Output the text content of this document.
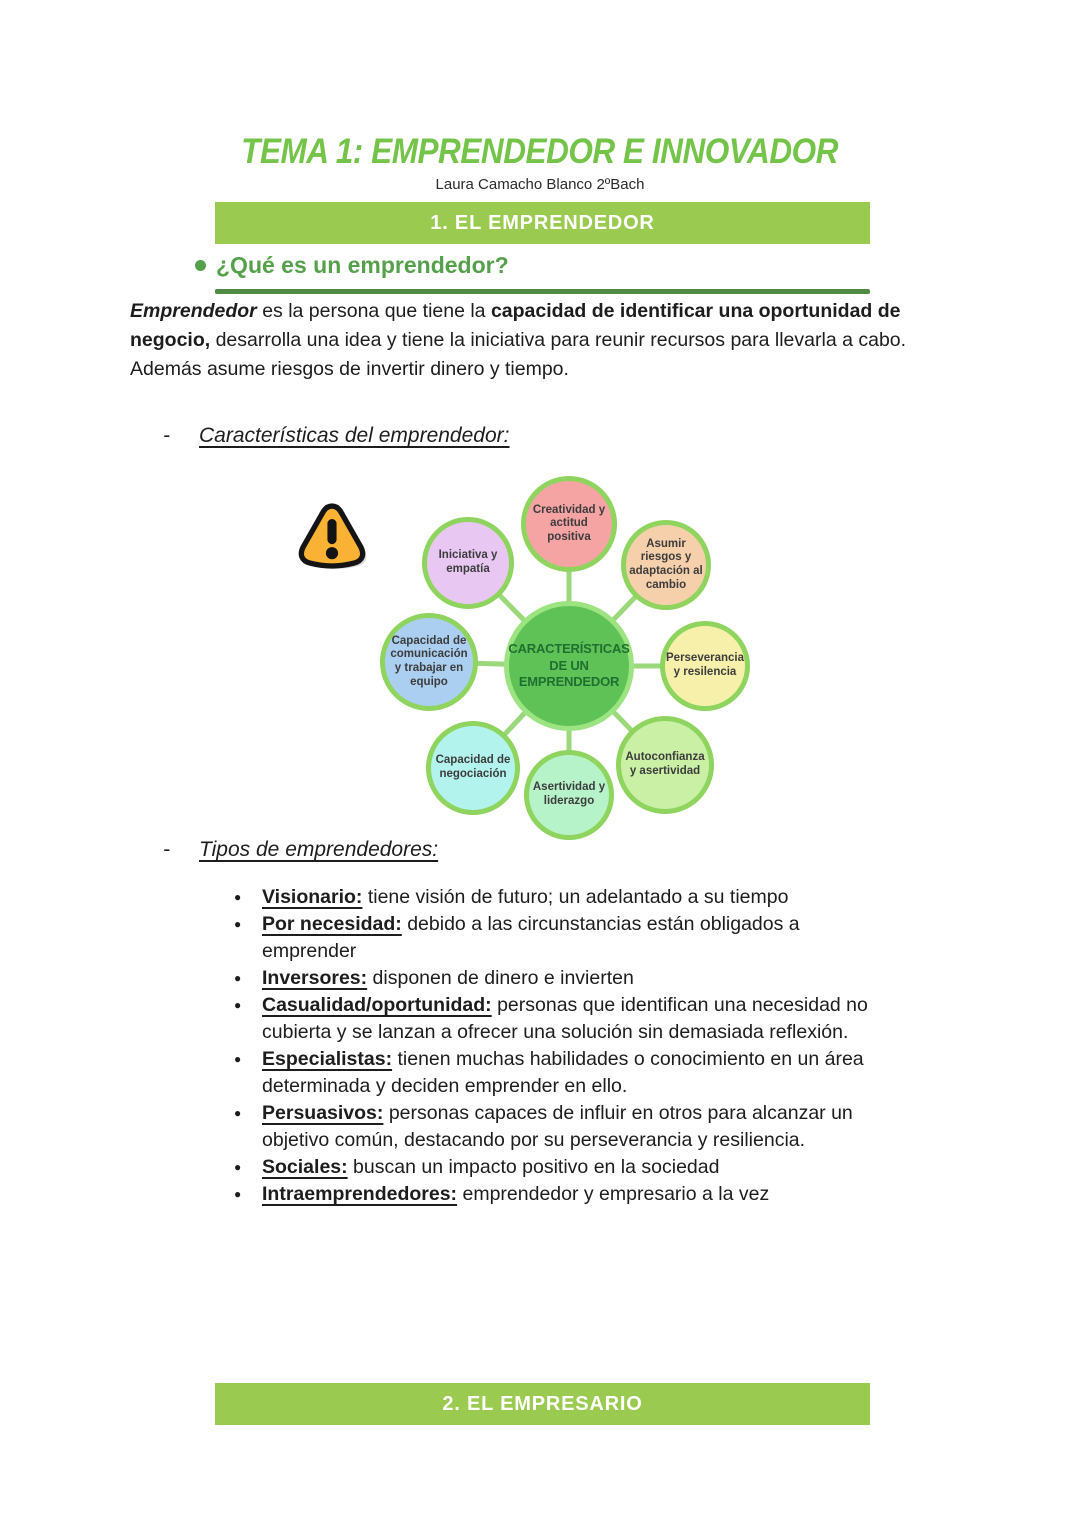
TEMA 1: EMPRENDEDOR E INNOVADOR
Laura Camacho Blanco 2ºBach
1. EL EMPRENDEDOR
¿Qué es un emprendedor?

Emprendedor es la persona que tiene la capacidad de identificar una oportunidad de negocio, desarrolla una idea y tiene la iniciativa para reunir recursos para llevarla a cabo. Además asume riesgos de invertir dinero y tiempo.

- Características del emprendedor:
CARACTERÍSTICAS DE UN EMPRENDEDOR
Creatividad y actitud positiva
Asumir riesgos y adaptación al cambio
Perseverancia y resilencia
Autoconfianza y asertividad
Asertividad y liderazgo
Capacidad de negociación
Capacidad de comunicación y trabajar en equipo
Iniciativa y empatía
- Tipos de emprendedores:
● Visionario: tiene visión de futuro; un adelantado a su tiempo
● Por necesidad: debido a las circunstancias están obligados a emprender
● Inversores: disponen de dinero e invierten
● Casualidad/oportunidad: personas que identifican una necesidad no cubierta y se lanzan a ofrecer una solución sin demasiada reflexión.
● Especialistas: tienen muchas habilidades o conocimiento en un área determinada y deciden emprender en ello.
● Persuasivos: personas capaces de influir en otros para alcanzar un objetivo común, destacando por su perseverancia y resiliencia.
● Sociales: buscan un impacto positivo en la sociedad
● Intraemprendedores: emprendedor y empresario a la vez
2. EL EMPRESARIO
